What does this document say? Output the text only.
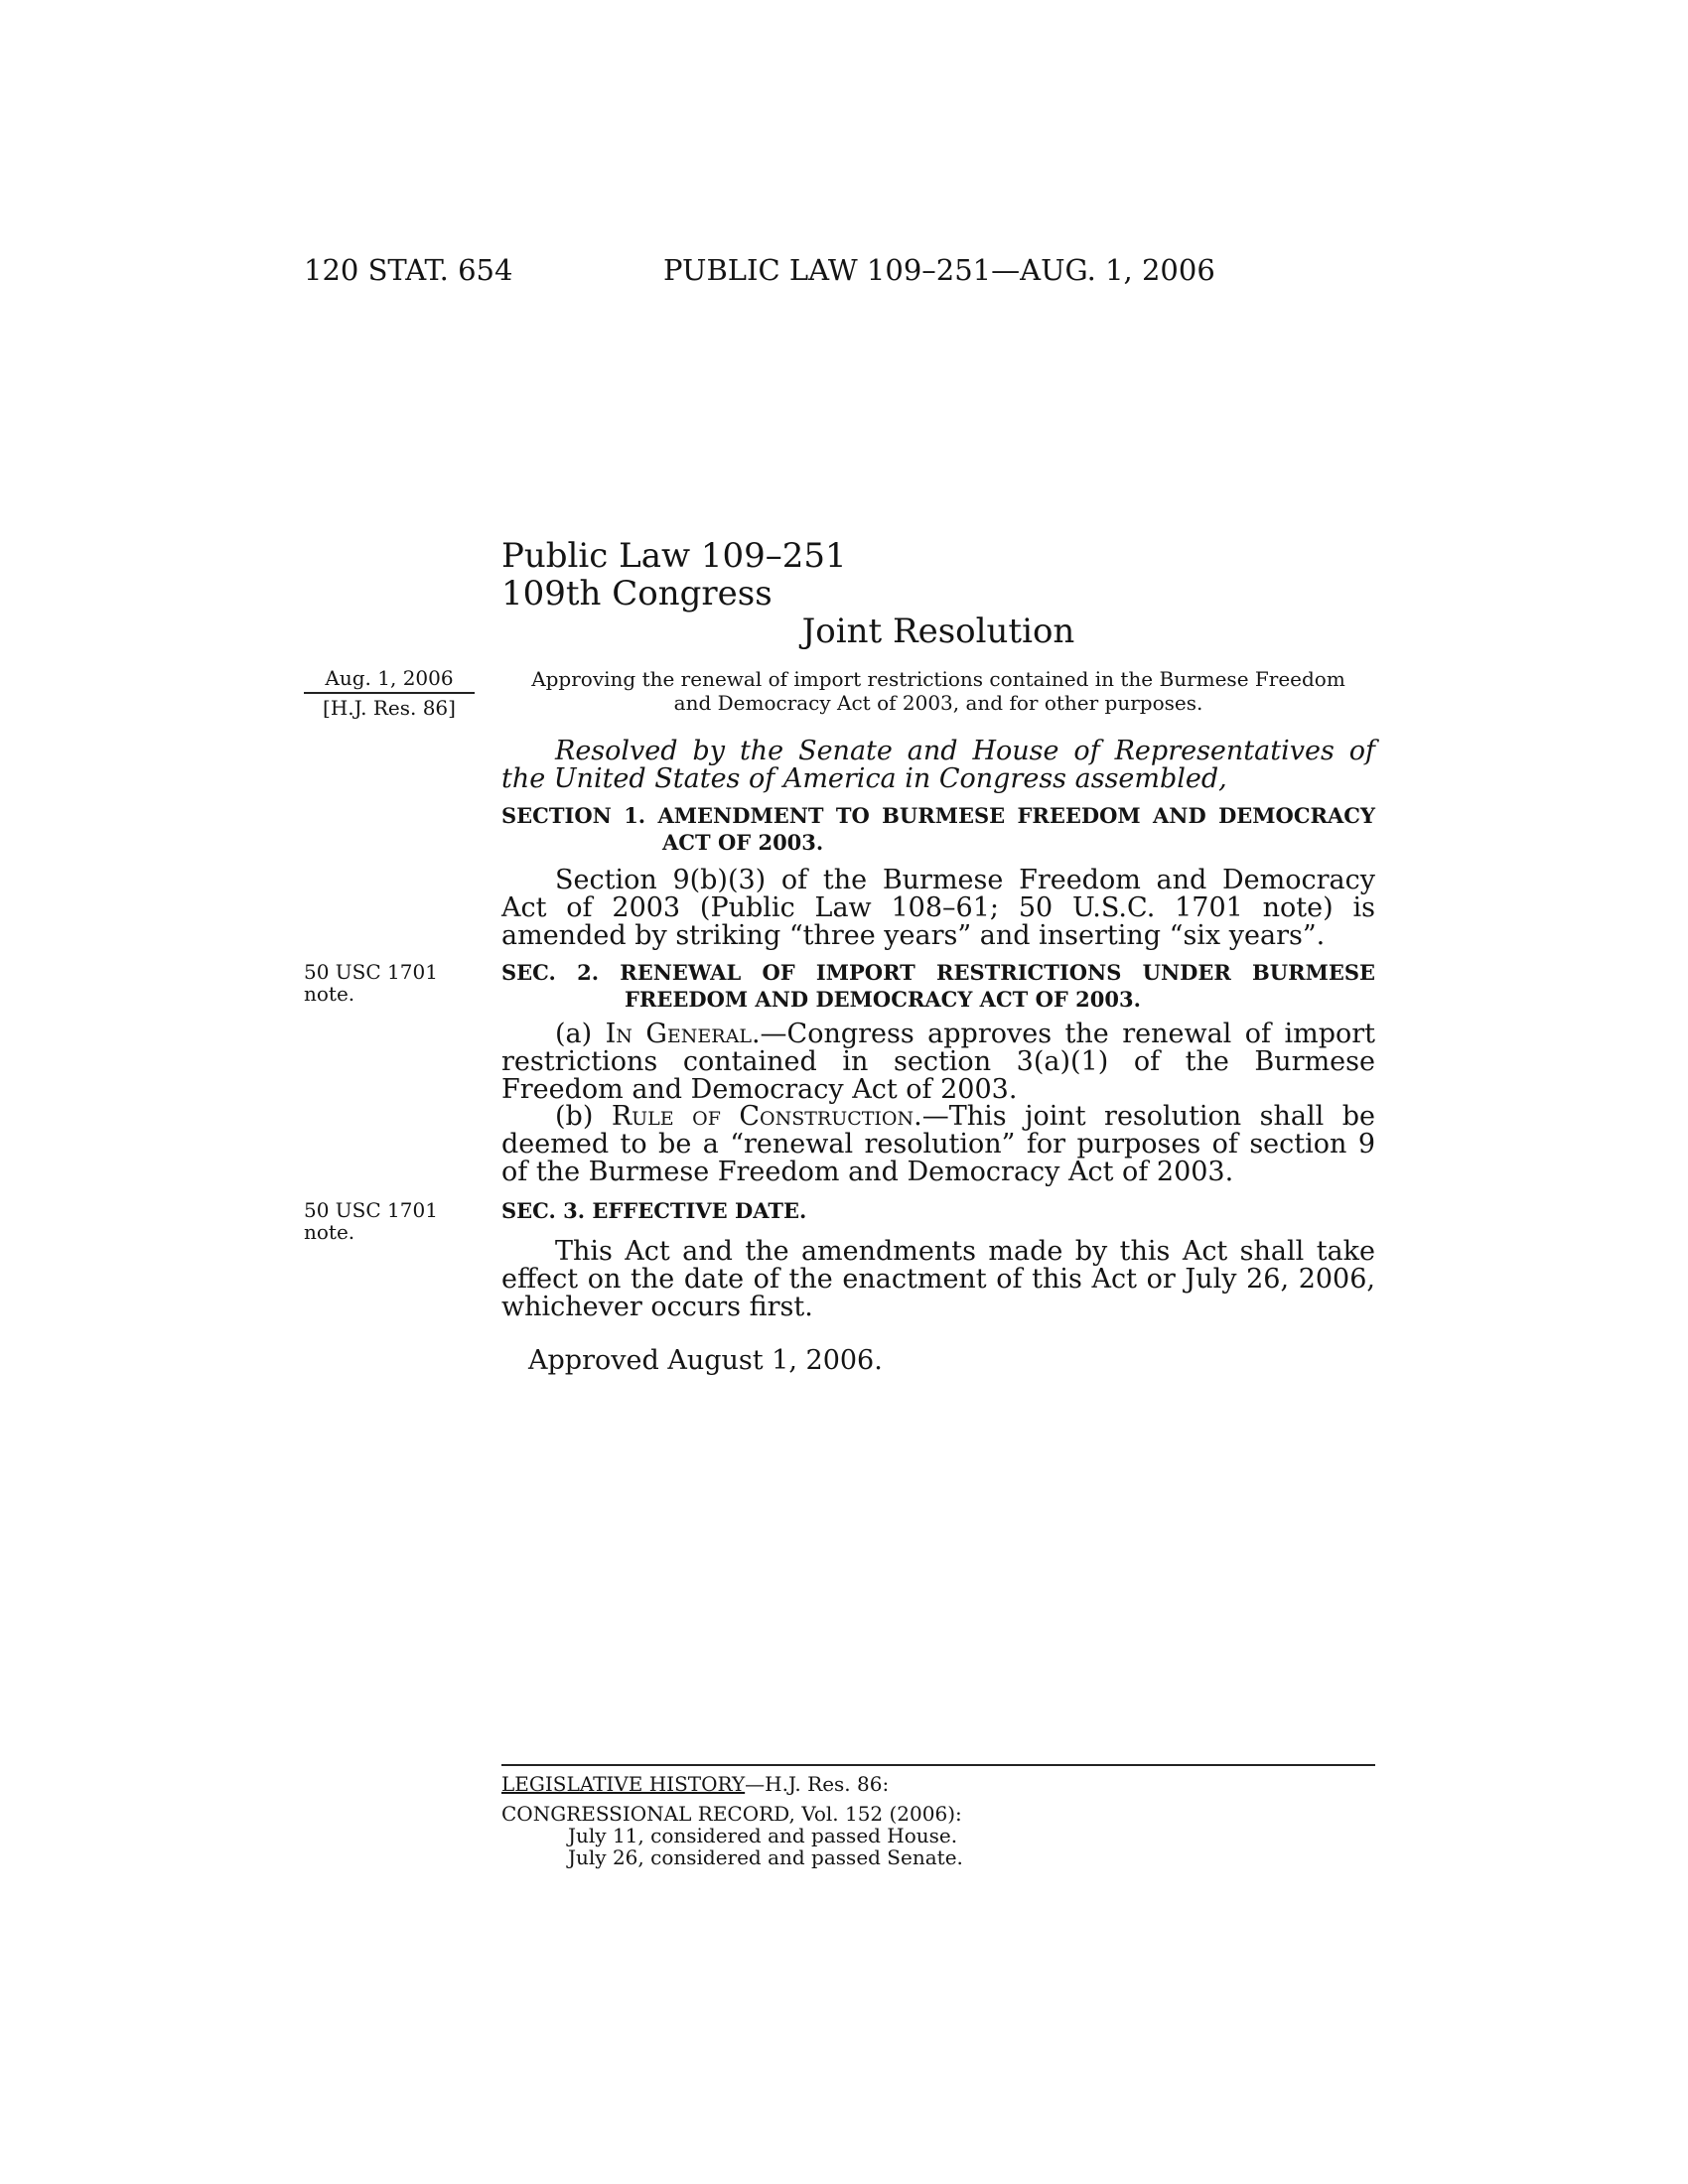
120 STAT. 654	PUBLIC LAW 109–251—AUG. 1, 2006
Public Law 109–251
109th Congress
Joint Resolution
Aug. 1, 2006
[H.J. Res. 86]
Approving the renewal of import restrictions contained in the Burmese Freedom
and Democracy Act of 2003, and for other purposes.
Resolved by the Senate and House of Representatives of the United States of America in Congress assembled,
SECTION 1. AMENDMENT TO BURMESE FREEDOM AND DEMOCRACY ACT OF 2003.
Section 9(b)(3) of the Burmese Freedom and Democracy Act of 2003 (Public Law 108–61; 50 U.S.C. 1701 note) is amended by striking “three years” and inserting “six years”.
50 USC 1701
note.
SEC. 2. RENEWAL OF IMPORT RESTRICTIONS UNDER BURMESE FREEDOM AND DEMOCRACY ACT OF 2003.
(a) In General.—Congress approves the renewal of import restrictions contained in section 3(a)(1) of the Burmese Freedom and Democracy Act of 2003.
(b) Rule of Construction.—This joint resolution shall be deemed to be a “renewal resolution” for purposes of section 9 of the Burmese Freedom and Democracy Act of 2003.
50 USC 1701
note.
SEC. 3. EFFECTIVE DATE.
This Act and the amendments made by this Act shall take effect on the date of the enactment of this Act or July 26, 2006, whichever occurs first.
Approved August 1, 2006.
LEGISLATIVE HISTORY—H.J. Res. 86:
CONGRESSIONAL RECORD, Vol. 152 (2006):
July 11, considered and passed House.
July 26, considered and passed Senate.
